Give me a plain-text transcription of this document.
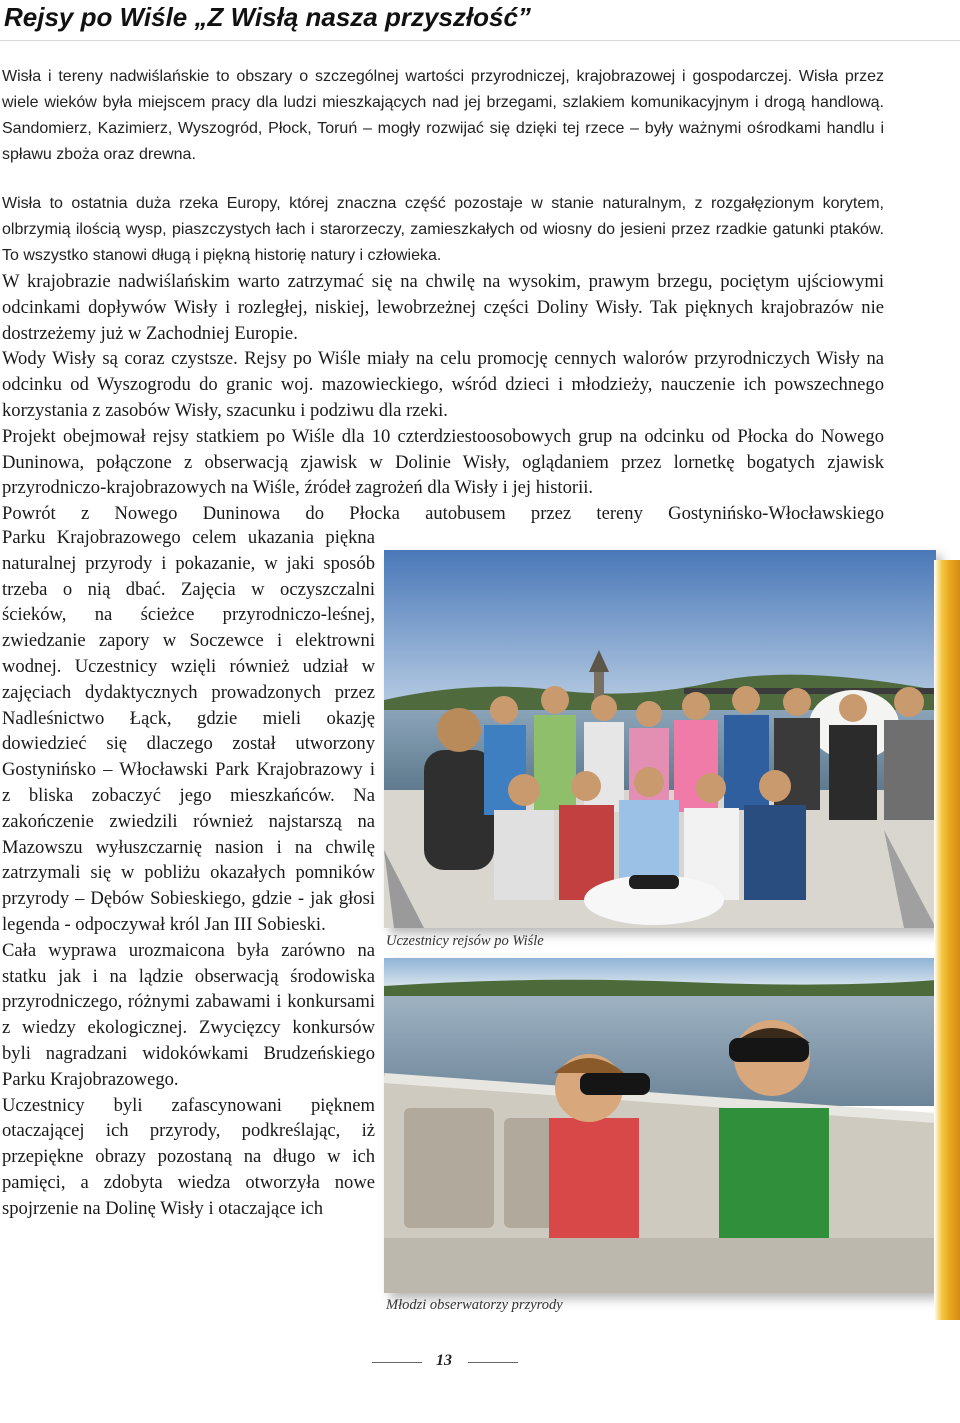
Rejsy po Wiśle „Z Wisłą nasza przyszłość”
Wisła i tereny nadwiślańskie to obszary o szczególnej wartości przyrodniczej, krajobrazowej i gospodarczej. Wisła przez wiele wieków była miejscem pracy dla ludzi mieszkających nad jej brzegami, szlakiem komunikacyjnym i drogą handlową. Sandomierz, Kazimierz, Wyszogród, Płock, Toruń – mogły rozwijać się dzięki tej rzece – były ważnymi ośrodkami handlu i spławu zboża oraz drewna.

Wisła to ostatnia duża rzeka Europy, której znaczna część pozostaje w stanie naturalnym, z rozgałęzionym korytem, olbrzymią ilością wysp, piaszczystych łach i starorzeczy, zamieszkałych od wiosny do jesieni przez rzadkie gatunki ptaków. To wszystko stanowi długą i piękną historię natury i człowieka.

W krajobrazie nadwiślańskim warto zatrzymać się na chwilę na wysokim, prawym brzegu, pociętym ujściowymi odcinkami dopływów Wisły i rozległej, niskiej, lewobrzeżnej części Doliny Wisły. Tak pięknych krajobrazów nie dostrzeżemy już w Zachodniej Europie.

Wody Wisły są coraz czystsze. Rejsy po Wiśle miały na celu promocję cennych walorów przyrodniczych Wisły na odcinku od Wyszogrodu do granic woj. mazowieckiego, wśród dzieci i młodzieży, nauczenie ich powszechnego korzystania z zasobów Wisły, szacunku i podziwu dla rzeki.

Projekt obejmował rejsy statkiem po Wiśle dla 10 czterdziestoosobowych grup na odcinku od Płocka do Nowego Duninowa, połączone z obserwacją zjawisk w Dolinie Wisły, oglądaniem przez lornetkę bogatych zjawisk przyrodniczo-krajobrazowych na Wiśle, źródeł zagrożeń dla Wisły i jej historii.

Powrót z Nowego Duninowa do Płocka autobusem przez tereny Gostynińsko-Włocławskiego

Parku Krajobrazowego celem ukazania piękna naturalnej przyrody i pokazanie, w jaki sposób trzeba o nią dbać. Zajęcia w oczyszczalni ścieków, na ścieżce przyrodniczo-leśnej, zwiedzanie zapory w Soczewce i elektrowni wodnej. Uczestnicy wzięli również udział w zajęciach dydaktycznych prowadzonych przez Nadleśnictwo Łąck, gdzie mieli okazję dowiedzieć się dlaczego został utworzony Gostynińsko – Włocławski Park Krajobrazowy i z bliska zobaczyć jego mieszkańców. Na zakończenie zwiedzili również najstarszą na Mazowszu wyłuszczarnię nasion i na chwilę zatrzymali się w pobliżu okazałych pomników przyrody – Dębów Sobieskiego, gdzie - jak głosi legenda - odpoczywał król Jan III Sobieski.

Cała wyprawa urozmaicona była zarówno na statku jak i na lądzie obserwacją środowiska przyrodniczego, różnymi zabawami i konkursami z wiedzy ekologicznej. Zwycięzcy konkursów byli nagradzani widokówkami Brudzeńskiego Parku Krajobrazowego.

Uczestnicy byli zafascynowani pięknem otaczającej ich przyrody, podkreślając, iż przepiękne obrazy pozostaną na długo w ich pamięci, a zdobyta wiedza otworzyła nowe spojrzenie na Dolinę Wisły i otaczające ich

Uczestnicy rejsów po Wiśle
Młodzi obserwatorzy przyrody
13
